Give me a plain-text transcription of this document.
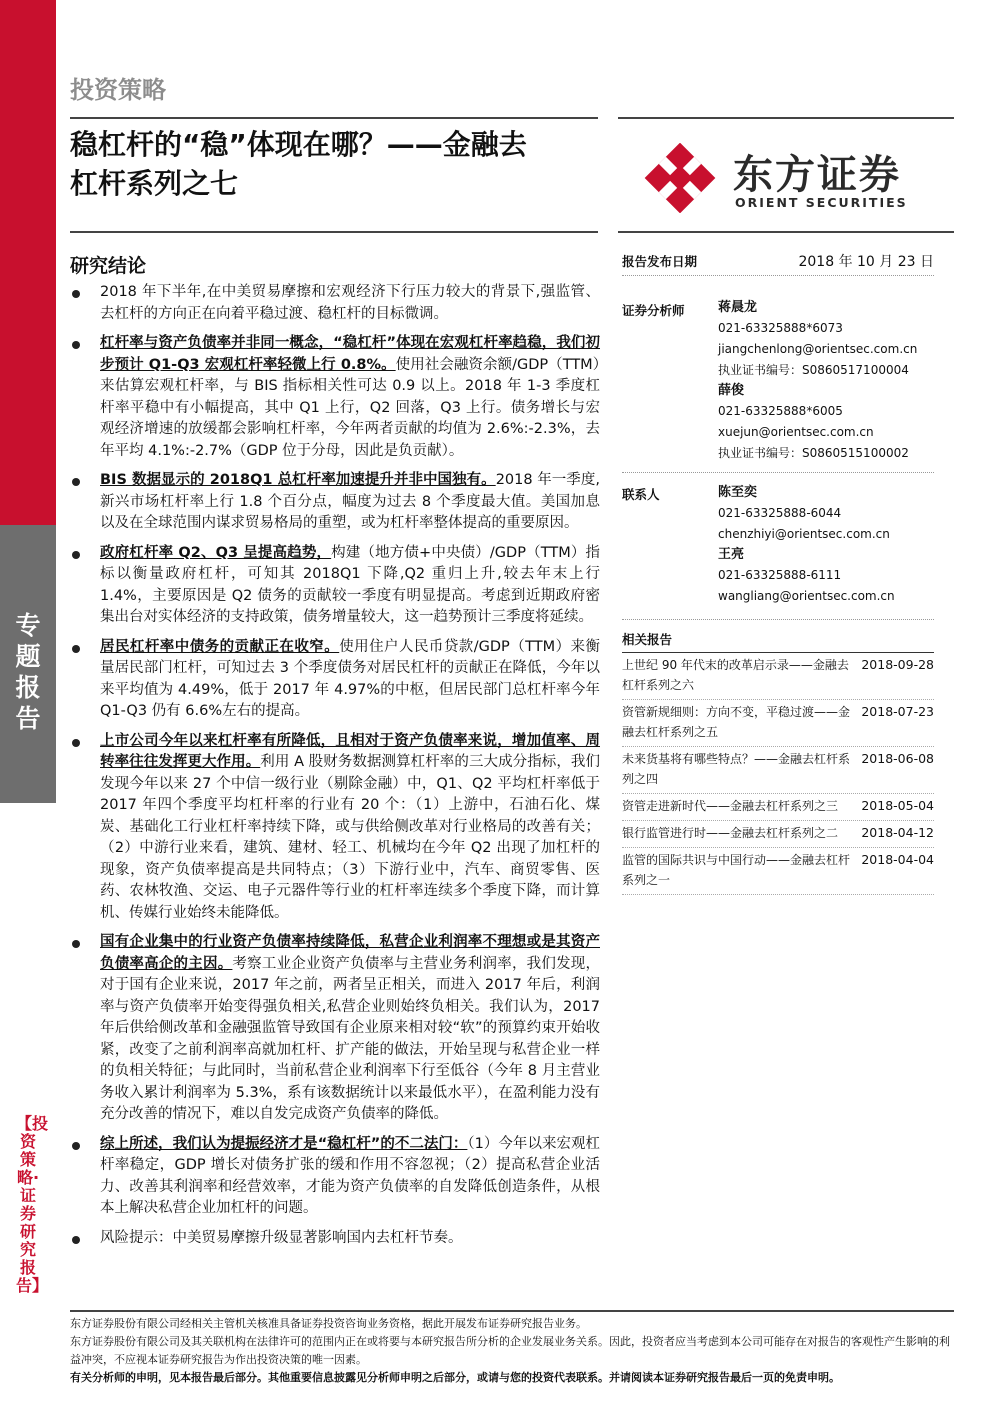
专题报告
【投资策略·证券研究报告】
投资策略
稳杠杆的“稳”体现在哪？——金融去
杠杆系列之七	东方证券
ORIENT SECURITIES
研究结论
2018 年下半年,在中美贸易摩擦和宏观经济下行压力较大的背景下,强监管、去杠杆的方向正在向着平稳过渡、稳杠杆的目标微调。
杠杆率与资产负债率并非同一概念，“稳杠杆”体现在宏观杠杆率趋稳，我们初步预计 Q1-Q3 宏观杠杆率轻微上行 0.8%。使用社会融资余额/GDP（TTM）来估算宏观杠杆率，与 BIS 指标相关性可达 0.9 以上。2018 年 1-3 季度杠杆率平稳中有小幅提高，其中 Q1 上行，Q2 回落，Q3 上行。债务增长与宏观经济增速的放缓都会影响杠杆率，今年两者贡献的均值为 2.6%:-2.3%，去年平均 4.1%:-2.7%（GDP 位于分母，因此是负贡献）。
BIS 数据显示的 2018Q1 总杠杆率加速提升并非中国独有。2018 年一季度,新兴市场杠杆率上行 1.8 个百分点，幅度为过去 8 个季度最大值。美国加息以及在全球范围内谋求贸易格局的重塑，或为杠杆率整体提高的重要原因。
政府杠杆率 Q2、Q3 呈提高趋势，构建（地方债+中央债）/GDP（TTM）指标以衡量政府杠杆，可知其 2018Q1 下降,Q2 重归上升,较去年末上行 1.4%，主要原因是 Q2 债务的贡献较一季度有明显提高。考虑到近期政府密集出台对实体经济的支持政策，债务增量较大，这一趋势预计三季度将延续。
居民杠杆率中债务的贡献正在收窄。使用住户人民币贷款/GDP（TTM）来衡量居民部门杠杆，可知过去 3 个季度债务对居民杠杆的贡献正在降低，今年以来平均值为 4.49%，低于 2017 年 4.97%的中枢，但居民部门总杠杆率今年 Q1-Q3 仍有 6.6%左右的提高。
上市公司今年以来杠杆率有所降低，且相对于资产负债率来说，增加值率、周转率往往发挥更大作用。利用 A 股财务数据测算杠杆率的三大成分指标，我们发现今年以来 27 个中信一级行业（剔除金融）中，Q1、Q2 平均杠杆率低于 2017 年四个季度平均杠杆率的行业有 20 个：（1）上游中，石油石化、煤炭、基础化工行业杠杆率持续下降，或与供给侧改革对行业格局的改善有关；（2）中游行业来看，建筑、建材、轻工、机械均在今年 Q2 出现了加杠杆的现象，资产负债率提高是共同特点；（3）下游行业中，汽车、商贸零售、医药、农林牧渔、交运、电子元器件等行业的杠杆率连续多个季度下降，而计算机、传媒行业始终未能降低。
国有企业集中的行业资产负债率持续降低，私营企业利润率不理想或是其资产负债率高企的主因。考察工业企业资产负债率与主营业务利润率，我们发现，对于国有企业来说，2017 年之前，两者呈正相关，而进入 2017 年后，利润率与资产负债率开始变得强负相关,私营企业则始终负相关。我们认为，2017 年后供给侧改革和金融强监管导致国有企业原来相对较“软”的预算约束开始收紧，改变了之前利润率高就加杠杆、扩产能的做法，开始呈现与私营企业一样的负相关特征；与此同时，当前私营企业利润率下行至低谷（今年 8 月主营业务收入累计利润率为 5.3%，系有该数据统计以来最低水平），在盈利能力没有充分改善的情况下，难以自发完成资产负债率的降低。
综上所述，我们认为提振经济才是“稳杠杆”的不二法门：（1）今年以来宏观杠杆率稳定，GDP 增长对债务扩张的缓和作用不容忽视；（2）提高私营企业活力、改善其利润率和经营效率，才能为资产负债率的自发降低创造条件，从根本上解决私营企业加杠杆的问题。
风险提示：中美贸易摩擦升级显著影响国内去杠杆节奏。
报告发布日期	2018 年 10 月 23 日
证券分析师	蒋晨龙
021-63325888*6073
jiangchenlong@orientsec.com.cn
执业证书编号：S0860517100004
薛俊
021-63325888*6005
xuejun@orientsec.com.cn
执业证书编号：S0860515100002
联系人	陈至奕
021-63325888-6044
chenzhiyi@orientsec.com.cn
王亮
021-63325888-6111
wangliang@orientsec.com.cn
相关报告
上世纪 90 年代末的改革启示录——金融去杠杆系列之六
2018-09-28
资管新规细则：方向不变，平稳过渡——金融去杠杆系列之五
2018-07-23
未来货基将有哪些特点？——金融去杠杆系列之四
2018-06-08
资管走进新时代——金融去杠杆系列之三	2018-05-04
银行监管进行时——金融去杠杆系列之二	2018-04-12
监管的国际共识与中国行动——金融去杠杆系列之一
2018-04-04
东方证券股份有限公司经相关主管机关核准具备证券投资咨询业务资格，据此开展发布证券研究报告业务。
东方证券股份有限公司及其关联机构在法律许可的范围内正在或将要与本研究报告所分析的企业发展业务关系。因此，投资者应当考虑到本公司可能存在对报告的客观性产生影响的利益冲突，不应视本证券研究报告为作出投资决策的唯一因素。
有关分析师的申明，见本报告最后部分。其他重要信息披露见分析师申明之后部分，或请与您的投资代表联系。并请阅读本证券研究报告最后一页的免责申明。
